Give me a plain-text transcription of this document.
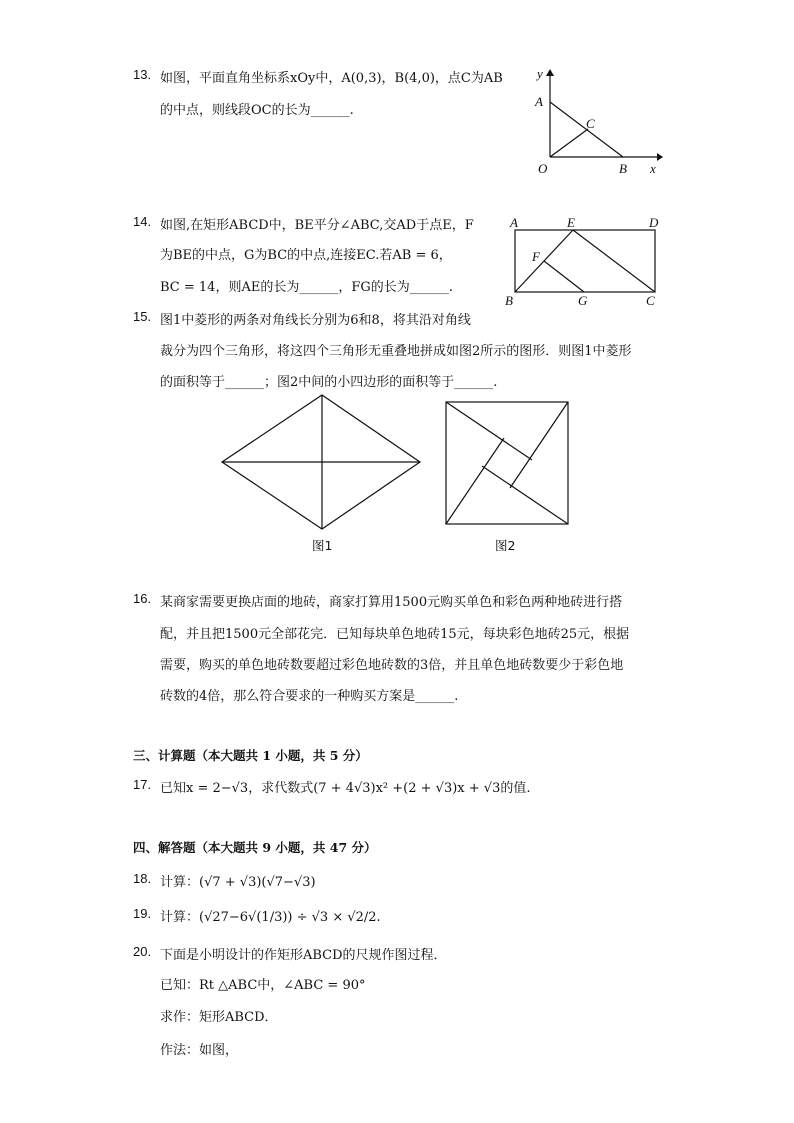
13. 如图，平面直角坐标系xOy中，A(0,3)，B(4,0)，点C为AB
的中点，则线段OC的长为______.
y
A
C
O	B x
14. 如图,在矩形ABCD中，BE平分∠ABC,交AD于点E，F
为BE的中点，G为BC的中点,连接EC.若AB = 6，
BC = 14，则AE的长为______，FG的长为______.
A	E	D
F
B	G	C
15. 图1中菱形的两条对角线长分别为6和8，将其沿对角线
裁分为四个三角形，将这四个三角形无重叠地拼成如图2所示的图形．则图1中菱形
的面积等于______；图2中间的小四边形的面积等于______.
图1	图2
16. 某商家需要更换店面的地砖，商家打算用1500元购买单色和彩色两种地砖进行搭
配，并且把1500元全部花完．已知每块单色地砖15元，每块彩色地砖25元，根据
需要，购买的单色地砖数要超过彩色地砖数的3倍，并且单色地砖数要少于彩色地
砖数的4倍，那么符合要求的一种购买方案是______.
三、计算题（本大题共 1 小题，共 5 分）
17. 已知x = 2−√3，求代数式(7 + 4√3)x² +(2 + √3)x + √3的值.
四、解答题（本大题共 9 小题，共 47 分）
18. 计算：(√7 + √3)(√7−√3)
19. 计算：(√27−6√(1/3)) ÷ √3 × √2/2.
20. 下面是小明设计的作矩形ABCD的尺规作图过程．
已知：Rt △ABC中，∠ABC = 90°
求作：矩形ABCD．
作法：如图，
